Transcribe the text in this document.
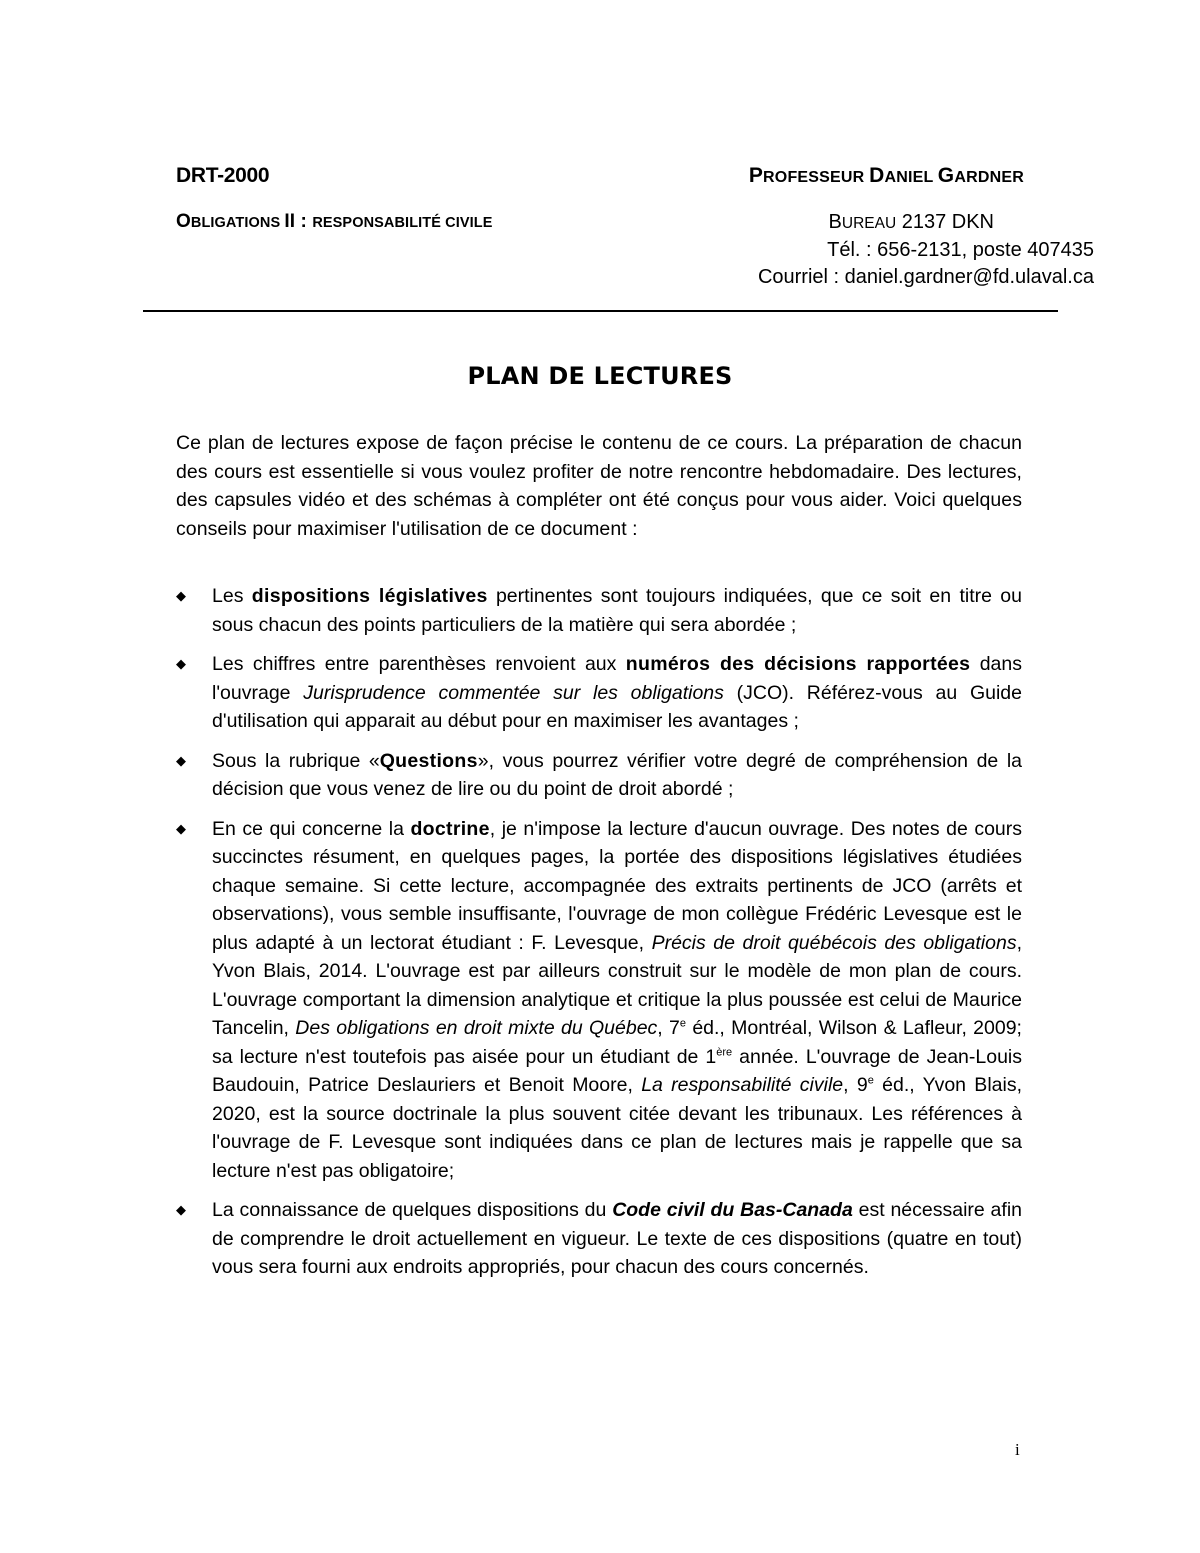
DRT-2000	PROFESSEUR DANIEL GARDNER
OBLIGATIONS II : RESPONSABILITÉ CIVILE	BUREAU 2137 DKN
Tél. : 656-2131, poste 407435
Courriel : daniel.gardner@fd.ulaval.ca
PLAN DE LECTURES

Ce plan de lectures expose de façon précise le contenu de ce cours. La préparation de chacun des cours est essentielle si vous voulez profiter de notre rencontre hebdomadaire. Des lectures, des capsules vidéo et des schémas à compléter ont été conçus pour vous aider. Voici quelques conseils pour maximiser l'utilisation de ce document :

◆ Les dispositions législatives pertinentes sont toujours indiquées, que ce soit en titre ou sous chacun des points particuliers de la matière qui sera abordée ;
◆ Les chiffres entre parenthèses renvoient aux numéros des décisions rapportées dans l'ouvrage Jurisprudence commentée sur les obligations (JCO). Référez-vous au Guide d'utilisation qui apparait au début pour en maximiser les avantages ;
◆ Sous la rubrique «Questions», vous pourrez vérifier votre degré de compréhension de la décision que vous venez de lire ou du point de droit abordé ;
◆ En ce qui concerne la doctrine, je n'impose la lecture d'aucun ouvrage. Des notes de cours succinctes résument, en quelques pages, la portée des dispositions législatives étudiées chaque semaine. Si cette lecture, accompagnée des extraits pertinents de JCO (arrêts et observations), vous semble insuffisante, l'ouvrage de mon collègue Frédéric Levesque est le plus adapté à un lectorat étudiant : F. Levesque, Précis de droit québécois des obligations, Yvon Blais, 2014. L'ouvrage est par ailleurs construit sur le modèle de mon plan de cours. L'ouvrage comportant la dimension analytique et critique la plus poussée est celui de Maurice Tancelin, Des obligations en droit mixte du Québec, 7e éd., Montréal, Wilson & Lafleur, 2009; sa lecture n'est toutefois pas aisée pour un étudiant de 1ère année. L'ouvrage de Jean-Louis Baudouin, Patrice Deslauriers et Benoit Moore, La responsabilité civile, 9e éd., Yvon Blais, 2020, est la source doctrinale la plus souvent citée devant les tribunaux. Les références à l'ouvrage de F. Levesque sont indiquées dans ce plan de lectures mais je rappelle que sa lecture n'est pas obligatoire;
◆ La connaissance de quelques dispositions du Code civil du Bas-Canada est nécessaire afin de comprendre le droit actuellement en vigueur. Le texte de ces dispositions (quatre en tout) vous sera fourni aux endroits appropriés, pour chacun des cours concernés.
i
